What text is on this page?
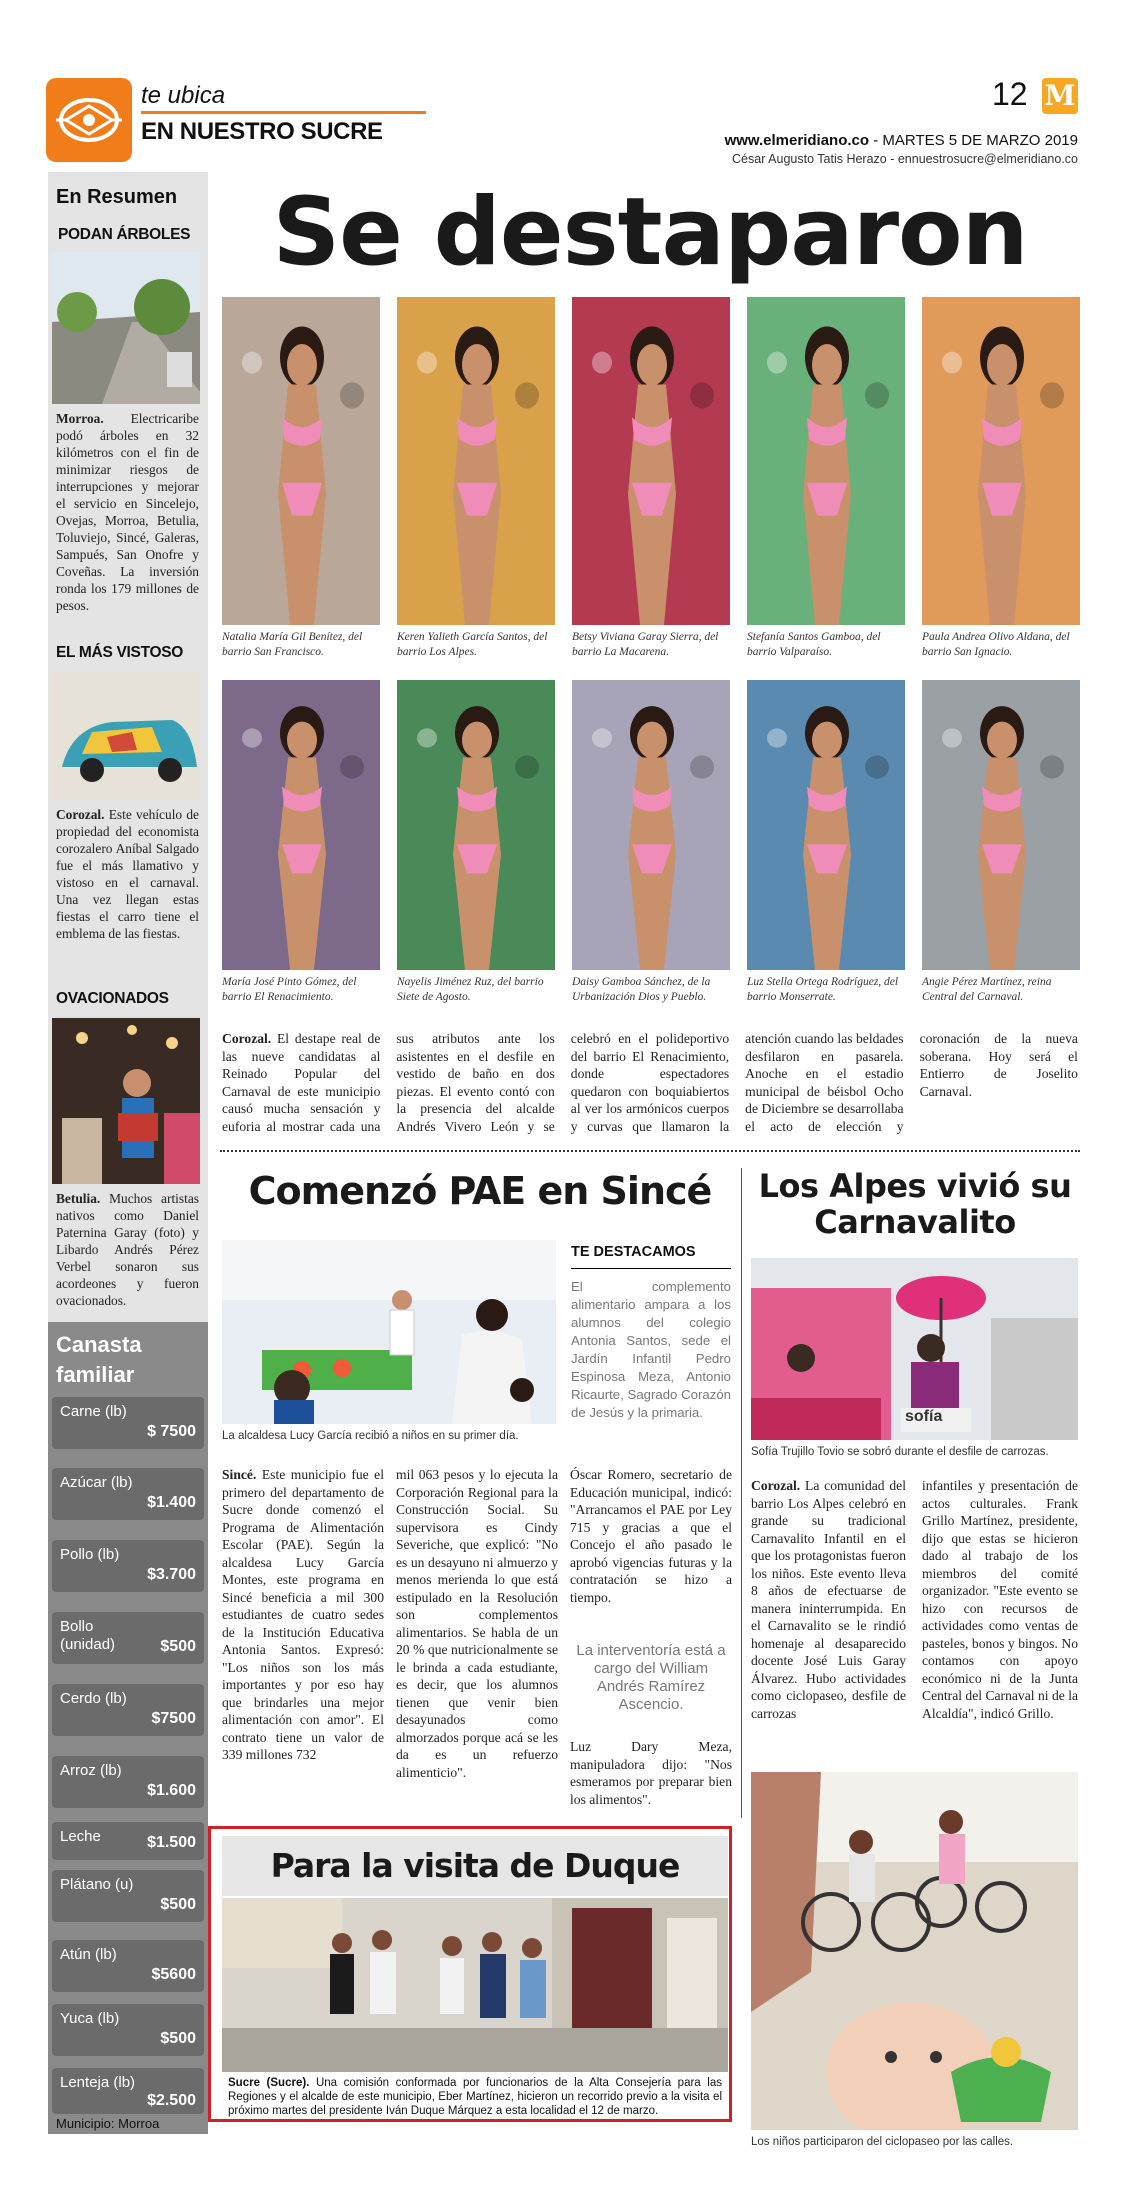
te ubica
EN NUESTRO SUCRE
12 M
www.elmeridiano.co - MARTES 5 DE MARZO 2019
César Augusto Tatis Herazo - ennuestrosucre@elmeridiano.co
En Resumen
PODAN ÁRBOLES
Morroa. Electricaribe podó árboles en 32 kilómetros con el fin de minimizar riesgos de interrupciones y mejorar el servicio en Sincelejo, Ovejas, Morroa, Betulia, Toluviejo, Sincé, Galeras, Sampués, San Onofre y Coveñas. La inversión ronda los 179 millones de pesos.
EL MÁS VISTOSO
Corozal. Este vehículo de propiedad del economista corozalero Aníbal Salgado fue el más llamativo y vistoso en el carnaval. Una vez llegan estas fiestas el carro tiene el emblema de las fiestas.
OVACIONADOS
Betulia. Muchos artistas nativos como Daniel Paternina Garay (foto) y Libardo Andrés Pérez Verbel sonaron sus acordeones y fueron ovacionados.
Canasta familiar
Carne (lb)
$ 7500
Azúcar (lb)
$1.400
Pollo (lb)
$3.700
Bollo (unidad)	$500
Cerdo (lb)
$7500
Arroz (lb)
$1.600
Leche	$1.500
Plátano (u)
$500
Atún (lb)
$5600
Yuca (lb)
$500
Lenteja (lb)
$2.500
Municipio: Morroa
Se destaparon
Natalia María Gil Benítez, del barrio San Francisco.
Keren Yalieth García Santos, del barrio Los Alpes.
Betsy Viviana Garay Sierra, del barrio La Macarena.
Stefanía Santos Gamboa, del barrio Valparaíso.
Paula Andrea Olivo Aldana, del barrio San Ignacio.
María José Pinto Gómez, del barrio El Renacimiento.
Nayelis Jiménez Ruz, del barrio Siete de Agosto.
Daisy Gamboa Sánchez, de la Urbanización Dios y Pueblo.
Luz Stella Ortega Rodríguez, del barrio Monserrate.
Angie Pérez Martínez, reina Central del Carnaval.
Corozal. El destape real de las nueve candidatas al Reinado Popular del Carnaval de este municipio causó mucha sensación y euforia al mostrar cada una sus atributos ante los asistentes en el desfile en vestido de baño en dos piezas. El evento contó con la presencia del alcalde Andrés Vivero León y se celebró en el polideportivo del barrio El Renacimiento, donde espectadores quedaron con boquiabiertos al ver los armónicos cuerpos y curvas que llamaron la atención cuando las beldades desfilaron en pasarela. Anoche en el estadio municipal de béisbol Ocho de Diciembre se desarrollaba el acto de elección y coronación de la nueva soberana. Hoy será el Entierro de Joselito Carnaval.
Comenzó PAE en Sincé
La alcaldesa Lucy García recibió a niños en su primer día.
TE DESTACAMOS
El complemento alimentario ampara a los alumnos del colegio Antonia Santos, sede el Jardín Infantil Pedro Espinosa Meza, Antonio Ricaurte, Sagrado Corazón de Jesús y la primaria.
Sincé. Este municipio fue el primero del departamento de Sucre donde comenzó el Programa de Alimentación Escolar (PAE). Según la alcaldesa Lucy García Montes, este programa en Sincé beneficia a mil 300 estudiantes de cuatro sedes de la Institución Educativa Antonia Santos. Expresó: "Los niños son los más importantes y por eso hay que brindarles una mejor alimentación con amor". El contrato tiene un valor de 339 millones 732
mil 063 pesos y lo ejecuta la Corporación Regional para la Construcción Social. Su supervisora es Cindy Severiche, que explicó: "No es un desayuno ni almuerzo y menos merienda lo que está estipulado en la Resolución son complementos alimentarios. Se habla de un 20 % que nutricionalmente se le brinda a cada estudiante, es decir, que los alumnos tienen que venir bien desayunados como almorzados porque acá se les da es un refuerzo alimenticio".
Óscar Romero, secretario de Educación municipal, indicó: "Arrancamos el PAE por Ley 715 y gracias a que el Concejo el año pasado le aprobó vigencias futuras y la contratación se hizo a tiempo.
La interventoría está a cargo del William Andrés Ramírez Ascencio.
Luz Dary Meza, manipuladora dijo: "Nos esmeramos por preparar bien los alimentos".
Para la visita de Duque
Sucre (Sucre). Una comisión conformada por funcionarios de la Alta Consejería para las Regiones y el alcalde de este municipio, Eber Martínez, hicieron un recorrido previo a la visita el próximo martes del presidente Iván Duque Márquez a esta localidad el 12 de marzo.
Los Alpes vivió su Carnavalito
sofía
Sofía Trujillo Tovio se sobró durante el desfile de carrozas.
Corozal. La comunidad del barrio Los Alpes celebró en grande su tradicional Carnavalito Infantil en el que los protagonistas fueron los niños. Este evento lleva 8 años de efectuarse de manera ininterrumpida. En el Carnavalito se le rindió homenaje al desaparecido docente José Luis Garay Álvarez. Hubo actividades como ciclopaseo, desfile de carrozas
infantiles y presentación de actos culturales. Frank Grillo Martínez, presidente, dijo que estas se hicieron dado al trabajo de los miembros del comité organizador. "Este evento se hizo con recursos de actividades como ventas de pasteles, bonos y bingos. No contamos con apoyo económico ni de la Junta Central del Carnaval ni de la Alcaldía", indicó Grillo.
Los niños participaron del ciclopaseo por las calles.
